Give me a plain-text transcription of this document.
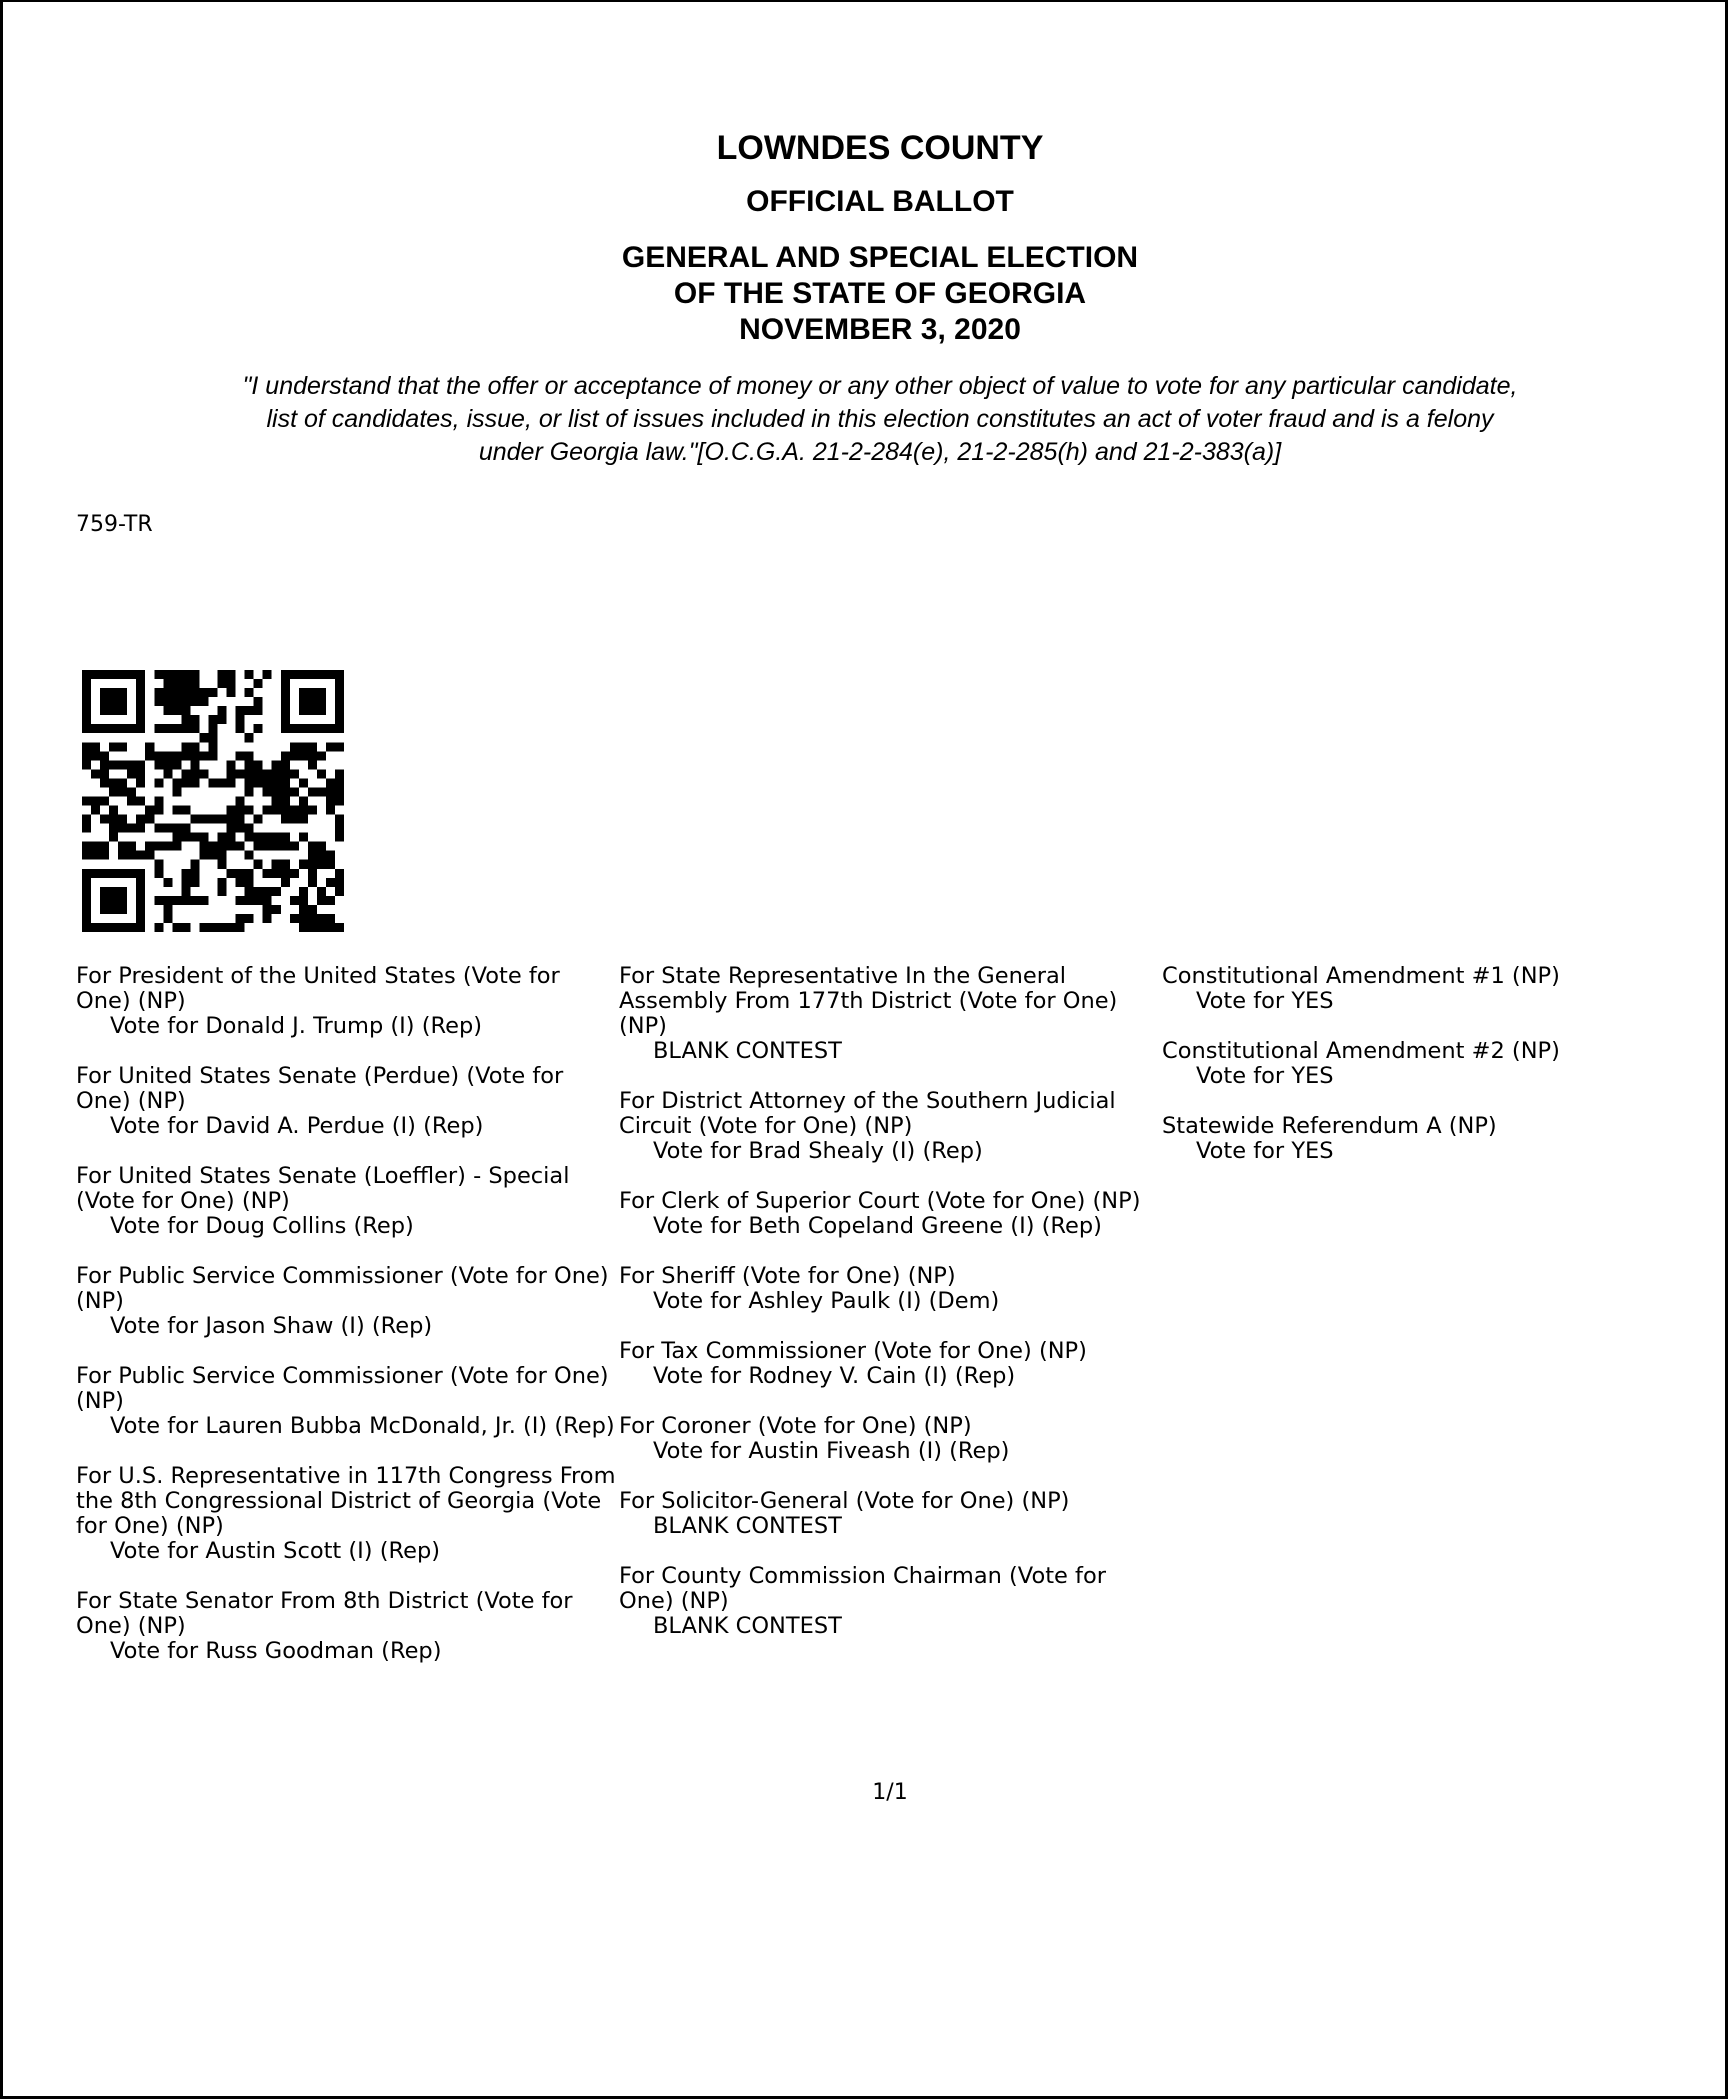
LOWNDES COUNTY
OFFICIAL BALLOT
GENERAL AND SPECIAL ELECTION
OF THE STATE OF GEORGIA
NOVEMBER 3, 2020
"I understand that the offer or acceptance of money or any other object of value to vote for any particular candidate,
list of candidates, issue, or list of issues included in this election constitutes an act of voter fraud and is a felony
under Georgia law."[O.C.G.A. 21-2-284(e), 21-2-285(h) and 21-2-383(a)]
759-TR
For President of the United States (Vote for One) (NP)
Vote for Donald J. Trump (I) (Rep)
For United States Senate (Perdue) (Vote for One) (NP)
Vote for David A. Perdue (I) (Rep)
For United States Senate (Loeffler) - Special (Vote for One) (NP)
Vote for Doug Collins (Rep)
For Public Service Commissioner (Vote for One) (NP)
Vote for Jason Shaw (I) (Rep)
For Public Service Commissioner (Vote for One) (NP)
Vote for Lauren Bubba McDonald, Jr. (I) (Rep)
For U.S. Representative in 117th Congress From the 8th Congressional District of Georgia (Vote for One) (NP)
Vote for Austin Scott (I) (Rep)
For State Senator From 8th District (Vote for One) (NP)
Vote for Russ Goodman (Rep)
For State Representative In the General Assembly From 177th District (Vote for One) (NP)
BLANK CONTEST
For District Attorney of the Southern Judicial Circuit (Vote for One) (NP)
Vote for Brad Shealy (I) (Rep)
For Clerk of Superior Court (Vote for One) (NP)
Vote for Beth Copeland Greene (I) (Rep)
For Sheriff (Vote for One) (NP)
Vote for Ashley Paulk (I) (Dem)
For Tax Commissioner (Vote for One) (NP)
Vote for Rodney V. Cain (I) (Rep)
For Coroner (Vote for One) (NP)
Vote for Austin Fiveash (I) (Rep)
For Solicitor-General (Vote for One) (NP)
BLANK CONTEST
For County Commission Chairman (Vote for One) (NP)
BLANK CONTEST
Constitutional Amendment #1 (NP)
Vote for YES
Constitutional Amendment #2 (NP)
Vote for YES
Statewide Referendum A (NP)
Vote for YES
1/1
